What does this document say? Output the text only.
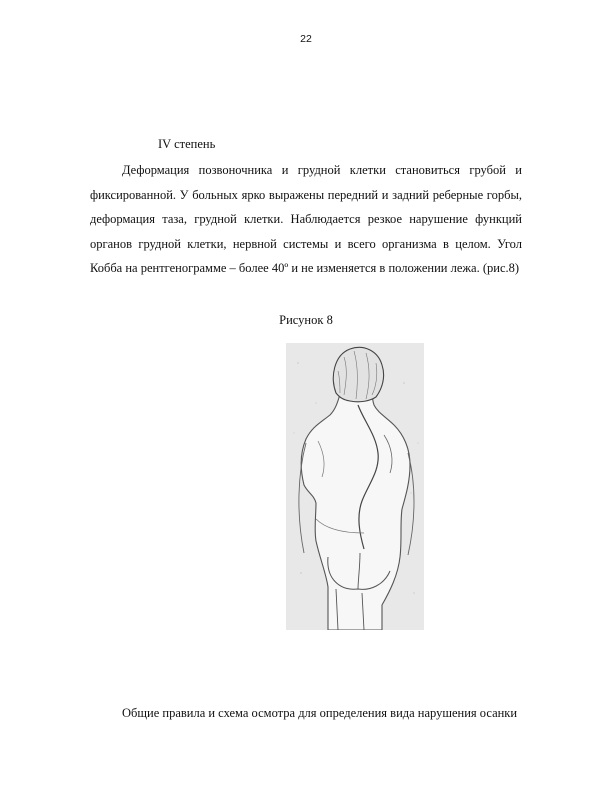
22
IV степень

Деформация позвоночника и грудной клетки становиться грубой и фиксированной. У больных ярко выражены передний и задний реберные горбы, деформация таза, грудной клетки. Наблюдается резкое нарушение функций органов грудной клетки, нервной системы и всего организма в целом. Угол Кобба на рентгенограмме – более 40º и не изменяется в положении лежа. (рис.8)

Рисунок 8
Общие правила и схема осмотра для определения вида нарушения осанки
